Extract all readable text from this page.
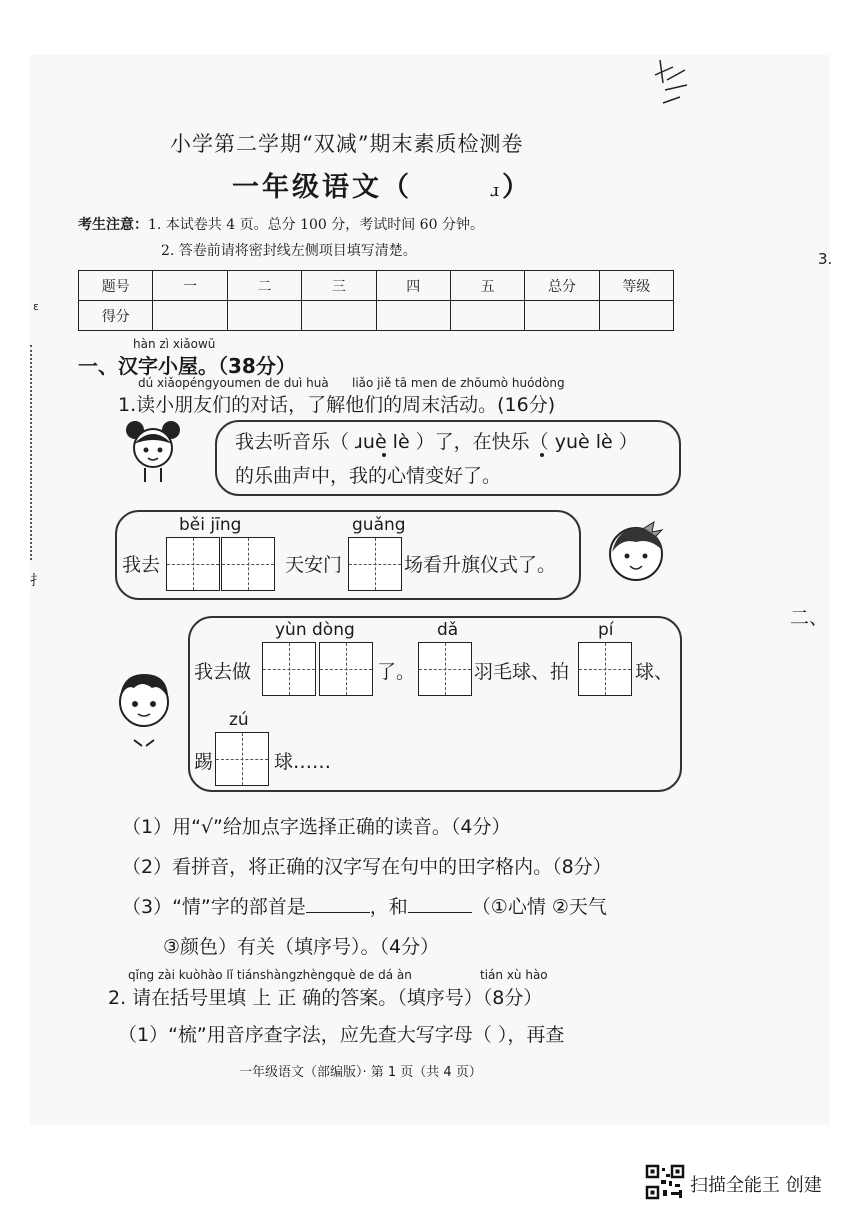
ɛ
扌
小学第二学期“双减”期末素质检测卷
一年级语文（	ɹ）
考生注意：1. 本试卷共 4 页。总分 100 分，考试时间 60 分钟。
2. 答卷前请将密封线左侧项目填写清楚。
题号	一	二	三	四	五	总分	等级
得分							
hàn zì xiǎowū
一、汉字小屋。（38分）
dú xiǎopéngyoumen de duì huà liǎo jiě tā men de zhōumò huódòng
1.读小朋友们的对话，了解他们的周末活动。(16分)
我去听音乐（ ɹuè lè ）了，在快乐（ yuè lè ）
的乐曲声中，我的心情变好了。
běi jīng	guǎng
我去	天安门	场看升旗仪式了。
yùn dòng	dǎ	pí
我去做	了。	羽毛球、拍	球、
zú
踢	球……
（1）用“√”给加点字选择正确的读音。（4分）
（2）看拼音，将正确的汉字写在句中的田字格内。（8分）
（3）“情”字的部首是	，和	（①心情 ②天气
③颜色）有关（填序号）。（4分）
qǐng zài kuòhào lǐ tiánshàngzhèngquè de dá àn	tián xù hào
2. 请在括号里填 上 正 确的答案。（填序号）（8分）
（1）“梳”用音序查字法，应先查大写字母（ ），再查
一年级语文（部编版）· 第 1 页（共 4 页）
3.
二、
扫描全能王 创建
